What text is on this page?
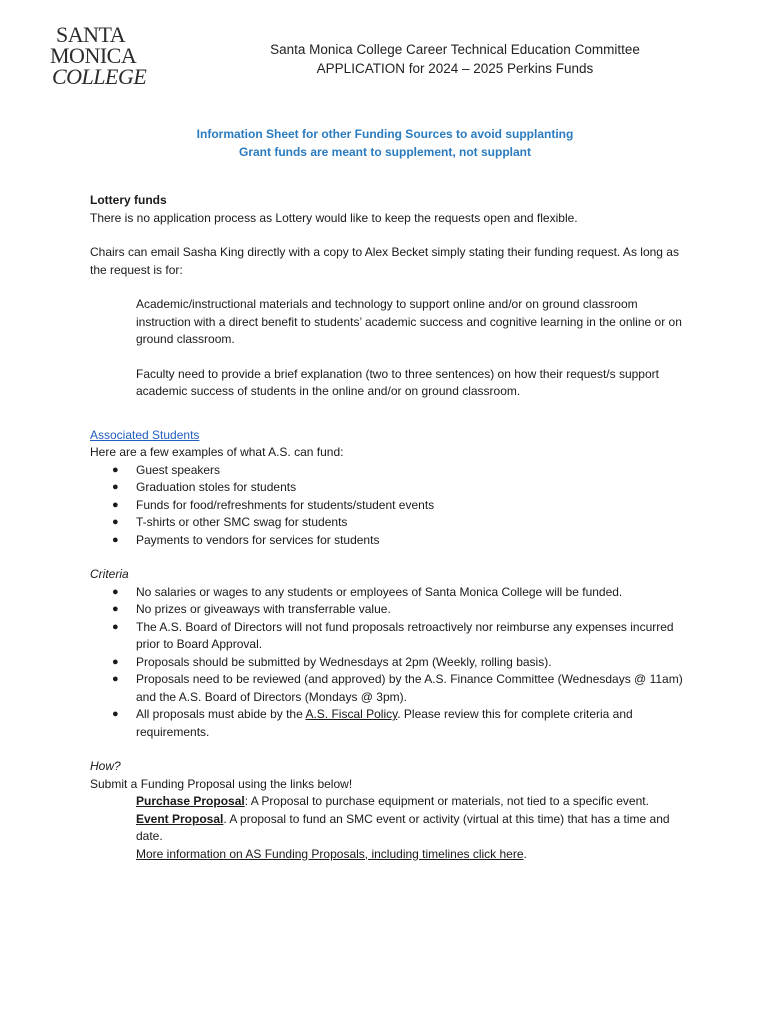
SANTA
MONICA
COLLEGE
Santa Monica College Career Technical Education Committee
APPLICATION for 2024 – 2025 Perkins Funds
Information Sheet for other Funding Sources to avoid supplanting
Grant funds are meant to supplement, not supplant

Lottery funds

There is no application process as Lottery would like to keep the requests open and flexible.

Chairs can email Sasha King directly with a copy to Alex Becket simply stating their funding request. As long as the request is for:

Academic/instructional materials and technology to support online and/or on ground classroom instruction with a direct benefit to students’ academic success and cognitive learning in the online or on ground classroom.

Faculty need to provide a brief explanation (two to three sentences) on how their request/s support academic success of students in the online and/or on ground classroom.

Associated Students

Here are a few examples of what A.S. can fund:

● Guest speakers
● Graduation stoles for students
● Funds for food/refreshments for students/student events
● T-shirts or other SMC swag for students
● Payments to vendors for services for students

Criteria

● No salaries or wages to any students or employees of Santa Monica College will be funded.
● No prizes or giveaways with transferrable value.
● The A.S. Board of Directors will not fund proposals retroactively nor reimburse any expenses incurred prior to Board Approval.
● Proposals should be submitted by Wednesdays at 2pm (Weekly, rolling basis).
● Proposals need to be reviewed (and approved) by the A.S. Finance Committee (Wednesdays @ 11am) and the A.S. Board of Directors (Mondays @ 3pm).
● All proposals must abide by the A.S. Fiscal Policy. Please review this for complete criteria and requirements.

How?

Submit a Funding Proposal using the links below!

Purchase Proposal: A Proposal to purchase equipment or materials, not tied to a specific event.

Event Proposal. A proposal to fund an SMC event or activity (virtual at this time) that has a time and date.

More information on AS Funding Proposals, including timelines click here.
